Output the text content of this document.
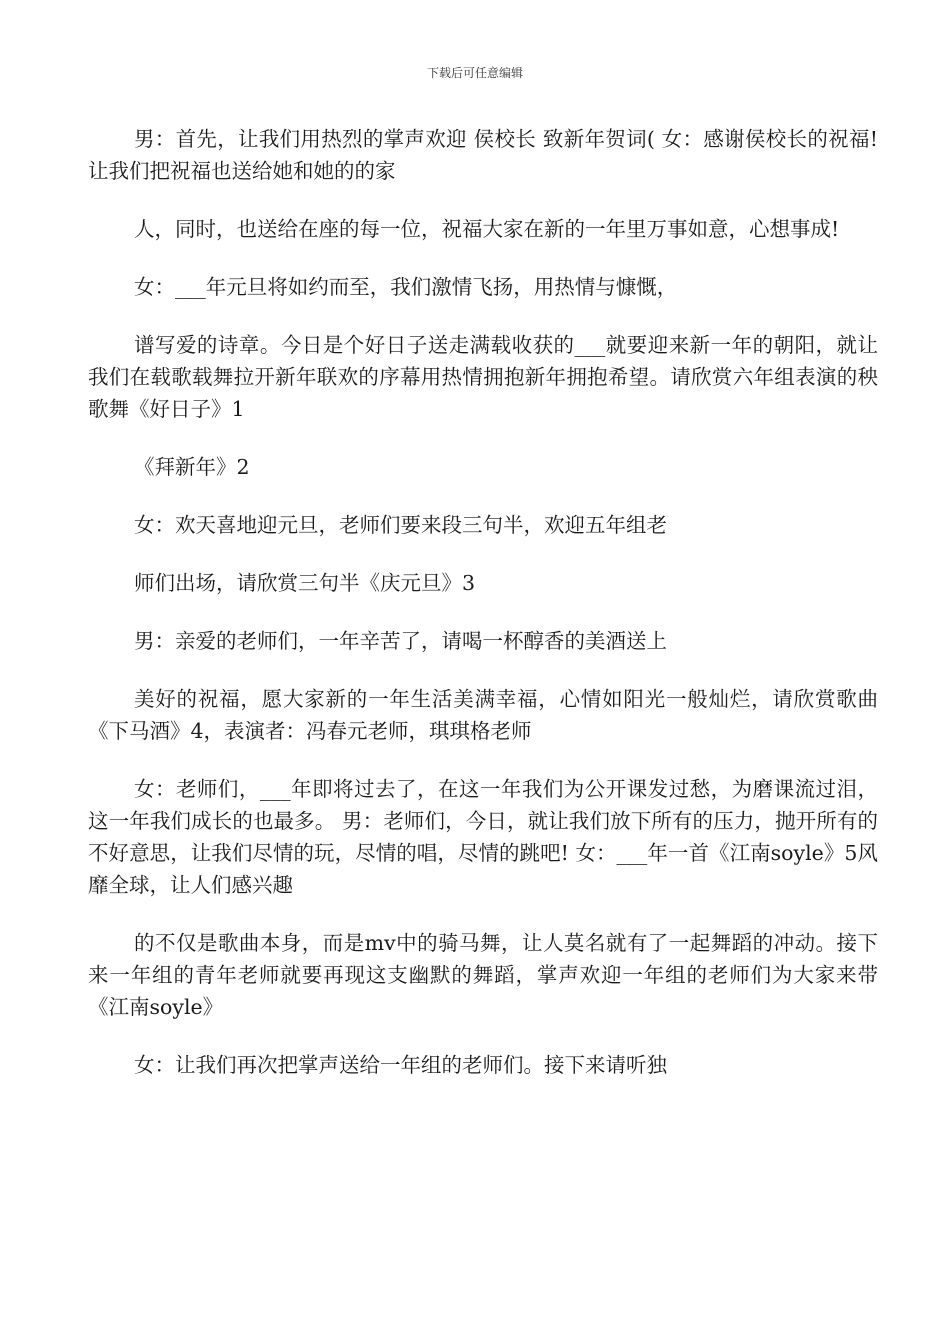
下载后可任意编辑

男：首先，让我们用热烈的掌声欢迎 侯校长 致新年贺词( 女：感谢侯校长的祝福!让我们把祝福也送给她和她的的家

人，同时，也送给在座的每一位，祝福大家在新的一年里万事如意，心想事成!

女：___年元旦将如约而至，我们激情飞扬，用热情与慷慨，

谱写爱的诗章。今日是个好日子送走满载收获的___就要迎来新一年的朝阳，就让我们在载歌载舞拉开新年联欢的序幕用热情拥抱新年拥抱希望。请欣赏六年组表演的秧歌舞《好日子》1

《拜新年》2

女：欢天喜地迎元旦，老师们要来段三句半，欢迎五年组老

师们出场，请欣赏三句半《庆元旦》3

男：亲爱的老师们，一年辛苦了，请喝一杯醇香的美酒送上

美好的祝福，愿大家新的一年生活美满幸福，心情如阳光一般灿烂，请欣赏歌曲《下马酒》4，表演者：冯春元老师，琪琪格老师

女：老师们，___年即将过去了，在这一年我们为公开课发过愁，为磨课流过泪，这一年我们成长的也最多。 男：老师们，今日，就让我们放下所有的压力，抛开所有的不好意思，让我们尽情的玩，尽情的唱，尽情的跳吧! 女：___年一首《江南soyle》5风靡全球，让人们感兴趣

的不仅是歌曲本身，而是mv中的骑马舞，让人莫名就有了一起舞蹈的冲动。接下来一年组的青年老师就要再现这支幽默的舞蹈，掌声欢迎一年组的老师们为大家来带《江南soyle》

女：让我们再次把掌声送给一年组的老师们。接下来请听独
